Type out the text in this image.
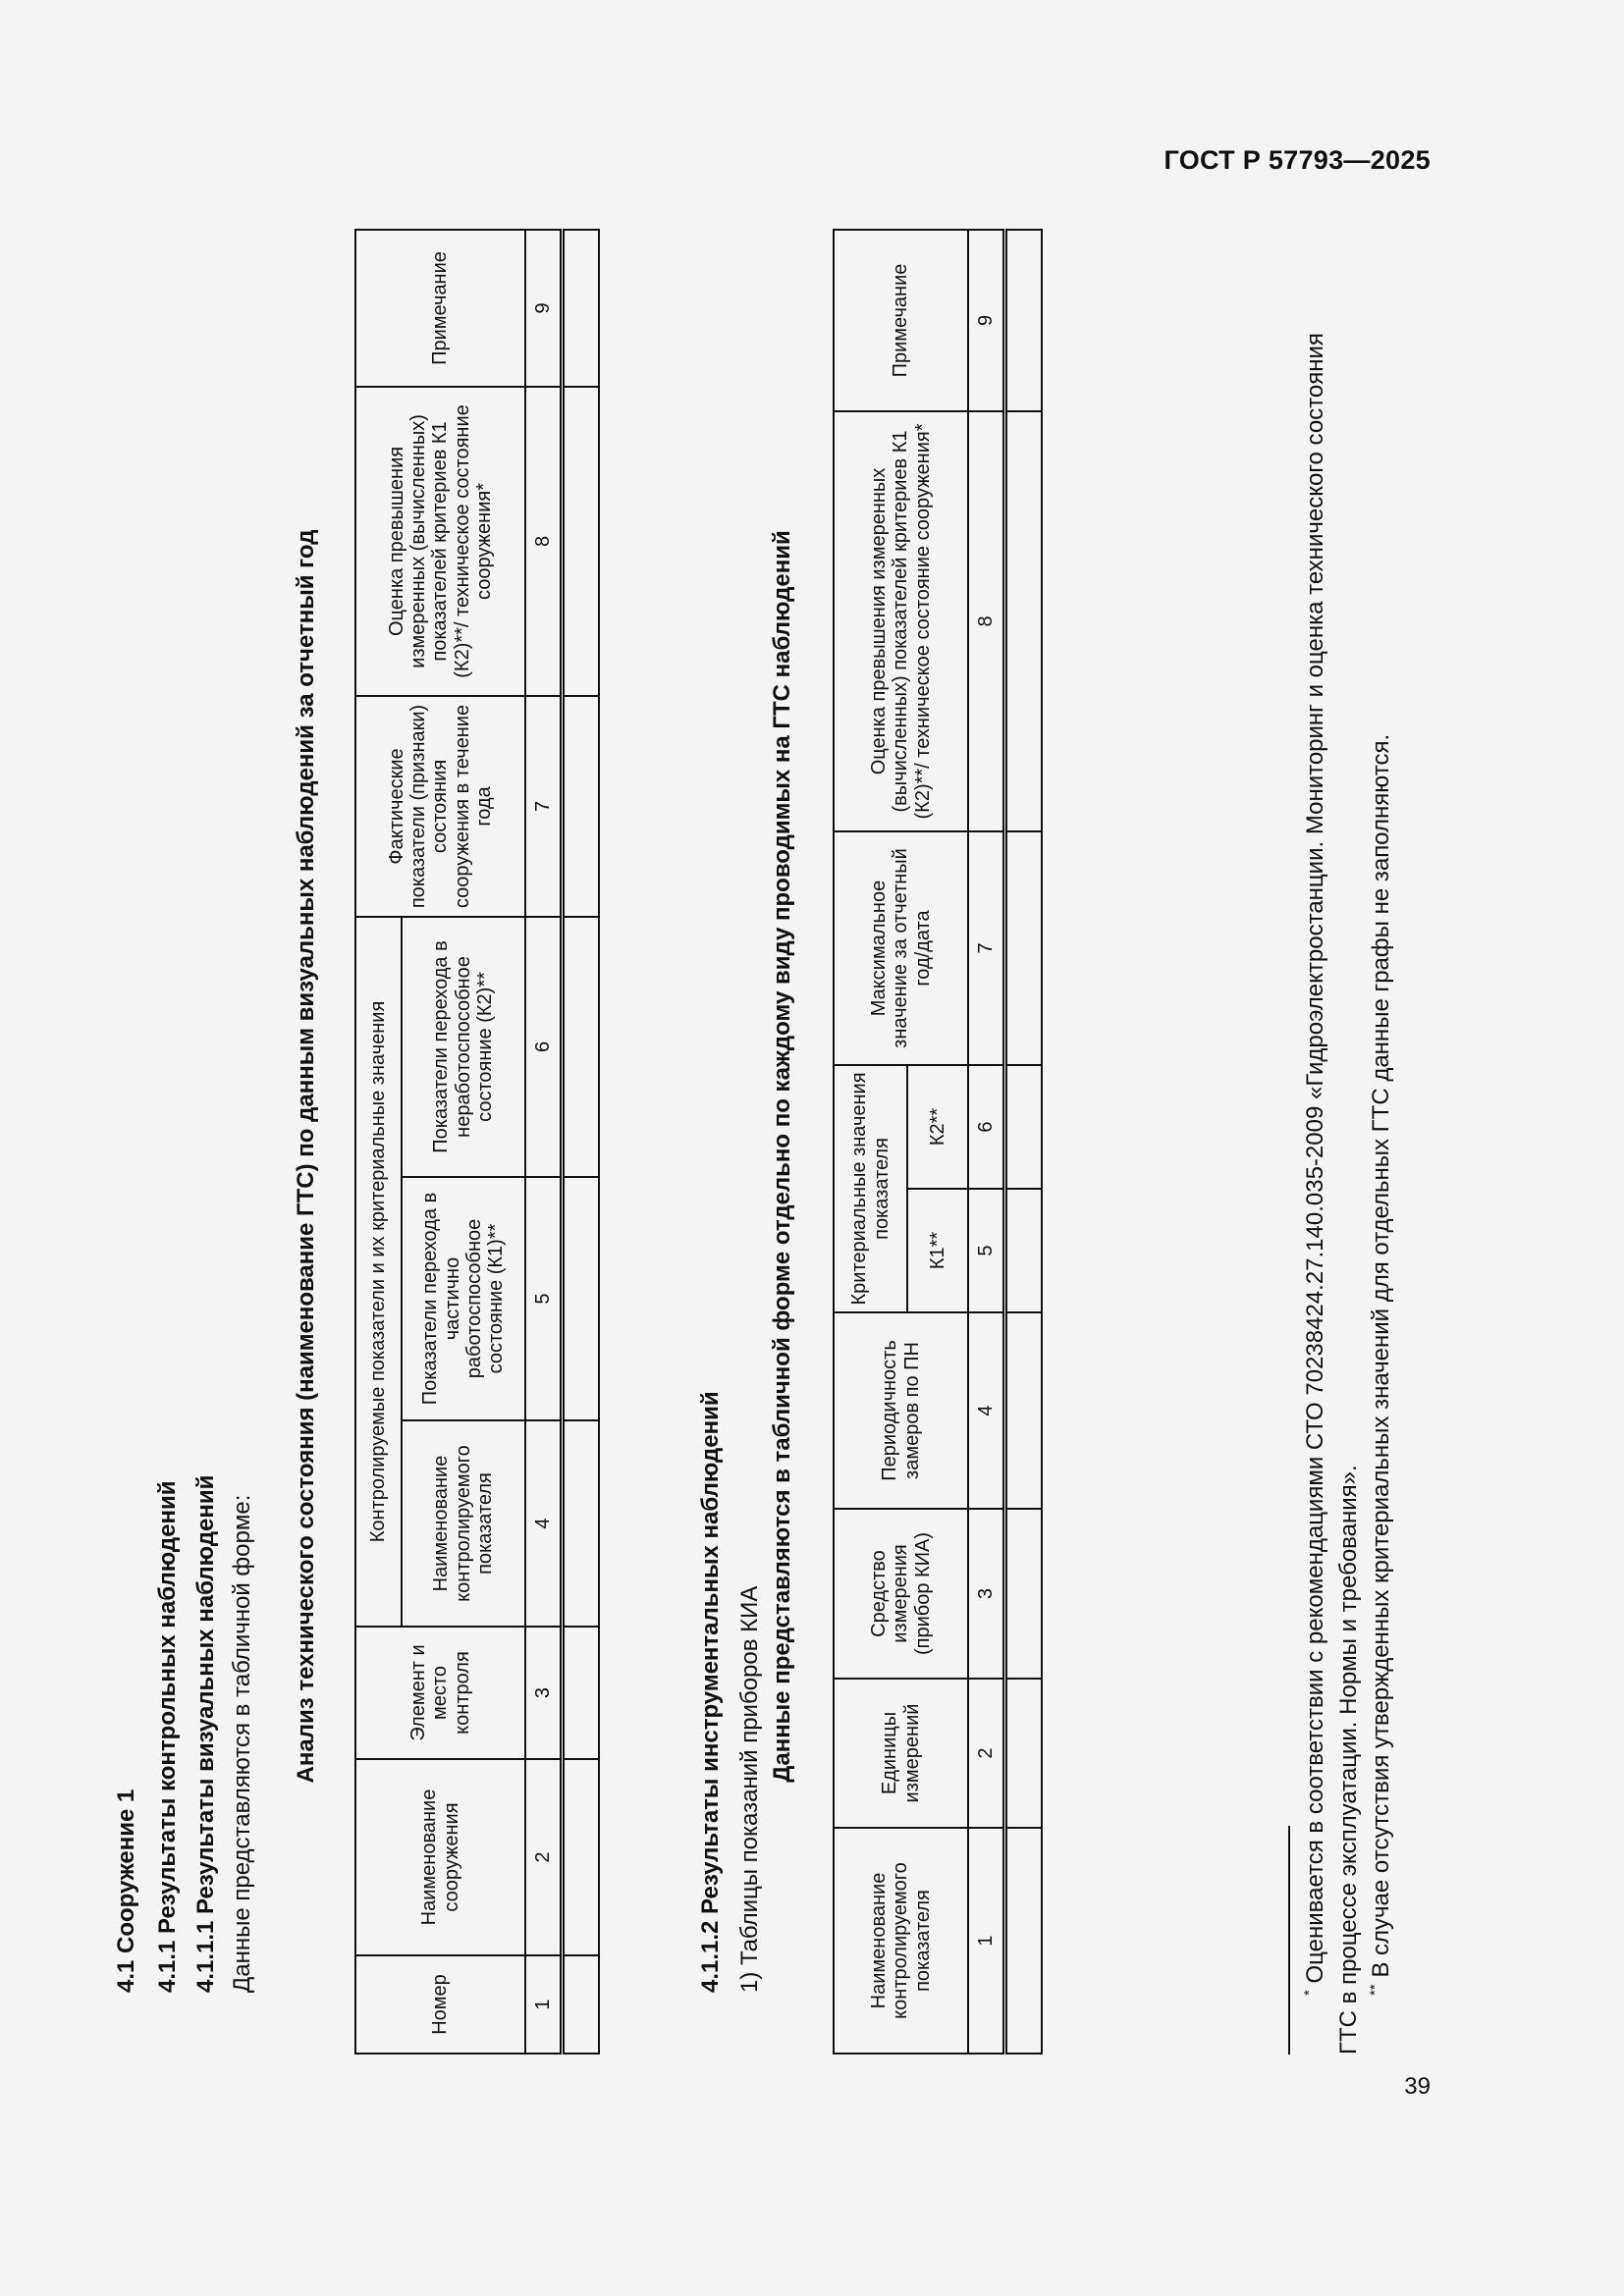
ГОСТ Р 57793—2025
4.1 Сооружение 1 4.1.1 Результаты контрольных наблюдений 4.1.1.1 Результаты визуальных наблюдений Данные представляются в табличной форме: Анализ технического состояния (наименование ГТС) по данным визуальных наблюдений за отчетный год
Номер	Наименование сооружения	Элемент и место контроля	Контролируемые показатели и их критериальные значения			Фактические показатели (признаки) состояния сооружения в течение года	Оценка превышения измеренных (вычисленных) показателей критериев К1 (К2)**/ техническое состояние сооружения*	Примечание
			Наименование контролируемого показателя	Показатели перехода в частично работоспособное состояние (К1)**	Показатели перехода в неработоспособное состояние (К2)**			
1	2	3	4	5	6	7	8	9

4.1.1.2 Результаты инструментальных наблюдений 1) Таблицы показаний приборов КИА
Данные представляются в табличной форме отдельно по каждому виду проводимых на ГТС наблюдений
Наименование контролируемого показателя	Единицы измерений	Средство измерения (прибор КИА)	Периодичность замеров по ПН	Критериальные значения показателя		Максимальное значение за отчетный год/дата	Оценка превышения измеренных (вычисленных) показателей критериев К1 (К2)**/ техническое состояние сооружения*	Примечание
				К1**	К2**			
1	2	3	4	5	6	7	8	9

* Оценивается в соответствии с рекомендациями СТО 70238424.27.140.035-2009 «Гидроэлектростанции. Мониторинг и оценка технического состояния ГТС в процессе эксплуатации. Нормы и требования». ** В случае отсутствия утвержденных критериальных значений для отдельных ГТС данные графы не заполняются.
39
